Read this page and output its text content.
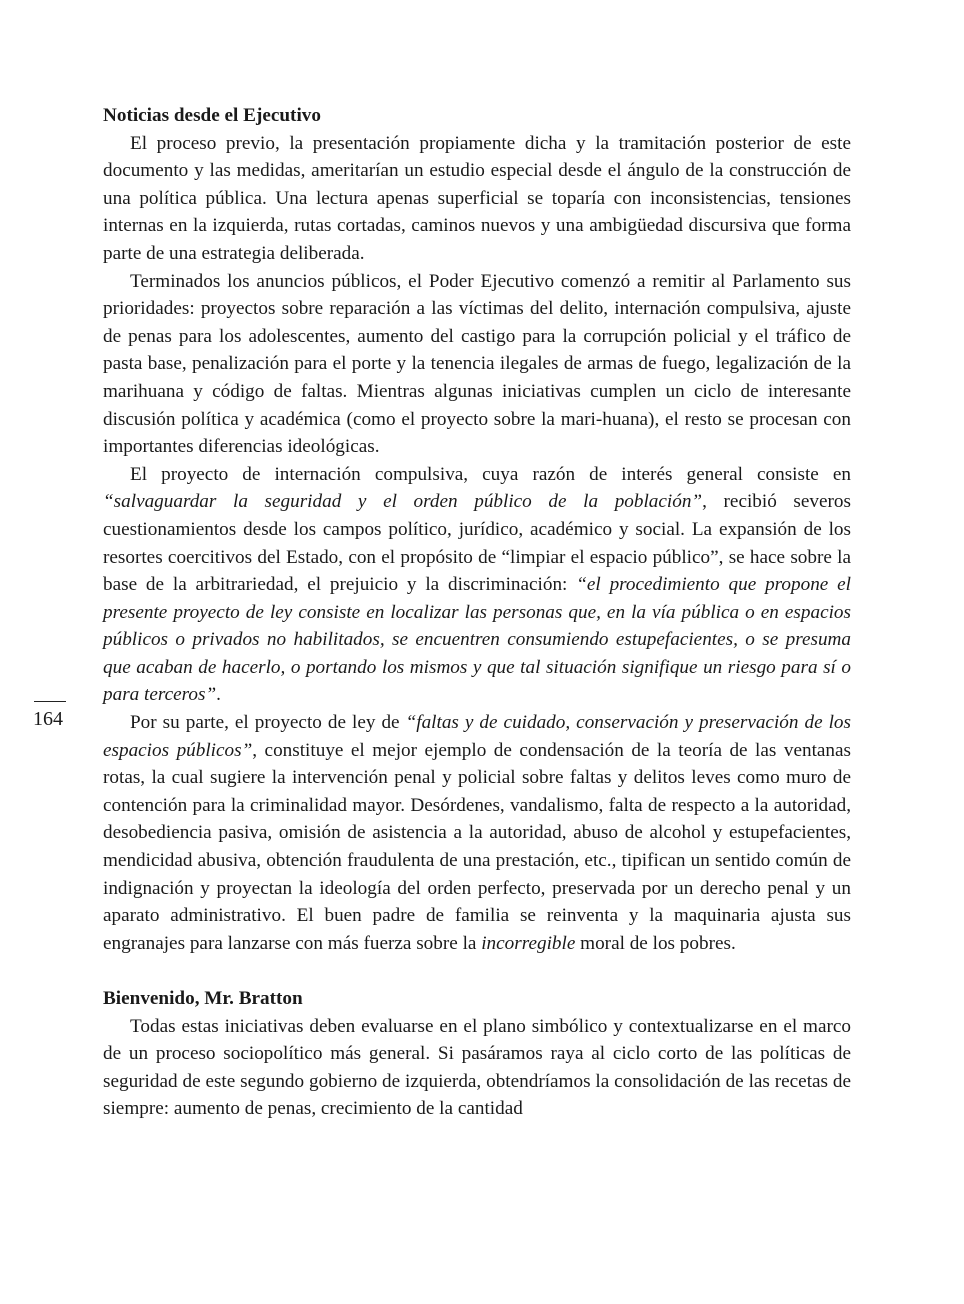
Noticias desde el Ejecutivo

El proceso previo, la presentación propiamente dicha y la tramitación posterior de este documento y las medidas, ameritarían un estudio especial desde el ángulo de la construcción de una política pública. Una lectura apenas superficial se toparía con inconsistencias, tensiones internas en la izquierda, rutas cortadas, caminos nuevos y una ambigüedad discursiva que forma parte de una estrategia deliberada.

Terminados los anuncios públicos, el Poder Ejecutivo comenzó a remitir al Parlamento sus prioridades: proyectos sobre reparación a las víctimas del delito, internación compulsiva, ajuste de penas para los adolescentes, aumento del castigo para la corrupción policial y el tráfico de pasta base, penalización para el porte y la tenencia ilegales de armas de fuego, legalización de la marihuana y código de faltas. Mientras algunas iniciativas cumplen un ciclo de interesante discusión política y académica (como el proyecto sobre la mari-huana), el resto se procesan con importantes diferencias ideológicas.

El proyecto de internación compulsiva, cuya razón de interés general consiste en “salvaguardar la seguridad y el orden público de la población”, recibió severos cuestionamientos desde los campos político, jurídico, académico y social. La expansión de los resortes coercitivos del Estado, con el propósito de “limpiar el espacio público”, se hace sobre la base de la arbitrariedad, el prejuicio y la discriminación: “el procedimiento que propone el presente proyecto de ley consiste en localizar las personas que, en la vía pública o en espacios públicos o privados no habilitados, se encuentren consumiendo estupefacientes, o se presuma que acaban de hacerlo, o portando los mismos y que tal situación signifique un riesgo para sí o para terceros”.

Por su parte, el proyecto de ley de “faltas y de cuidado, conservación y preservación de los espacios públicos”, constituye el mejor ejemplo de condensación de la teoría de las ventanas rotas, la cual sugiere la intervención penal y policial sobre faltas y delitos leves como muro de contención para la criminalidad mayor. Desórdenes, vandalismo, falta de respecto a la autoridad, desobediencia pasiva, omisión de asistencia a la autoridad, abuso de alcohol y estupefacientes, mendicidad abusiva, obtención fraudulenta de una prestación, etc., tipifican un sentido común de indignación y proyectan la ideología del orden perfecto, preservada por un derecho penal y un aparato administrativo. El buen padre de familia se reinventa y la maquinaria ajusta sus engranajes para lanzarse con más fuerza sobre la incorregible moral de los pobres.

Bienvenido, Mr. Bratton

Todas estas iniciativas deben evaluarse en el plano simbólico y contextualizarse en el marco de un proceso sociopolítico más general. Si pasáramos raya al ciclo corto de las políticas de seguridad de este segundo gobierno de izquierda, obtendríamos la consolidación de las recetas de siempre: aumento de penas, crecimiento de la cantidad

164
